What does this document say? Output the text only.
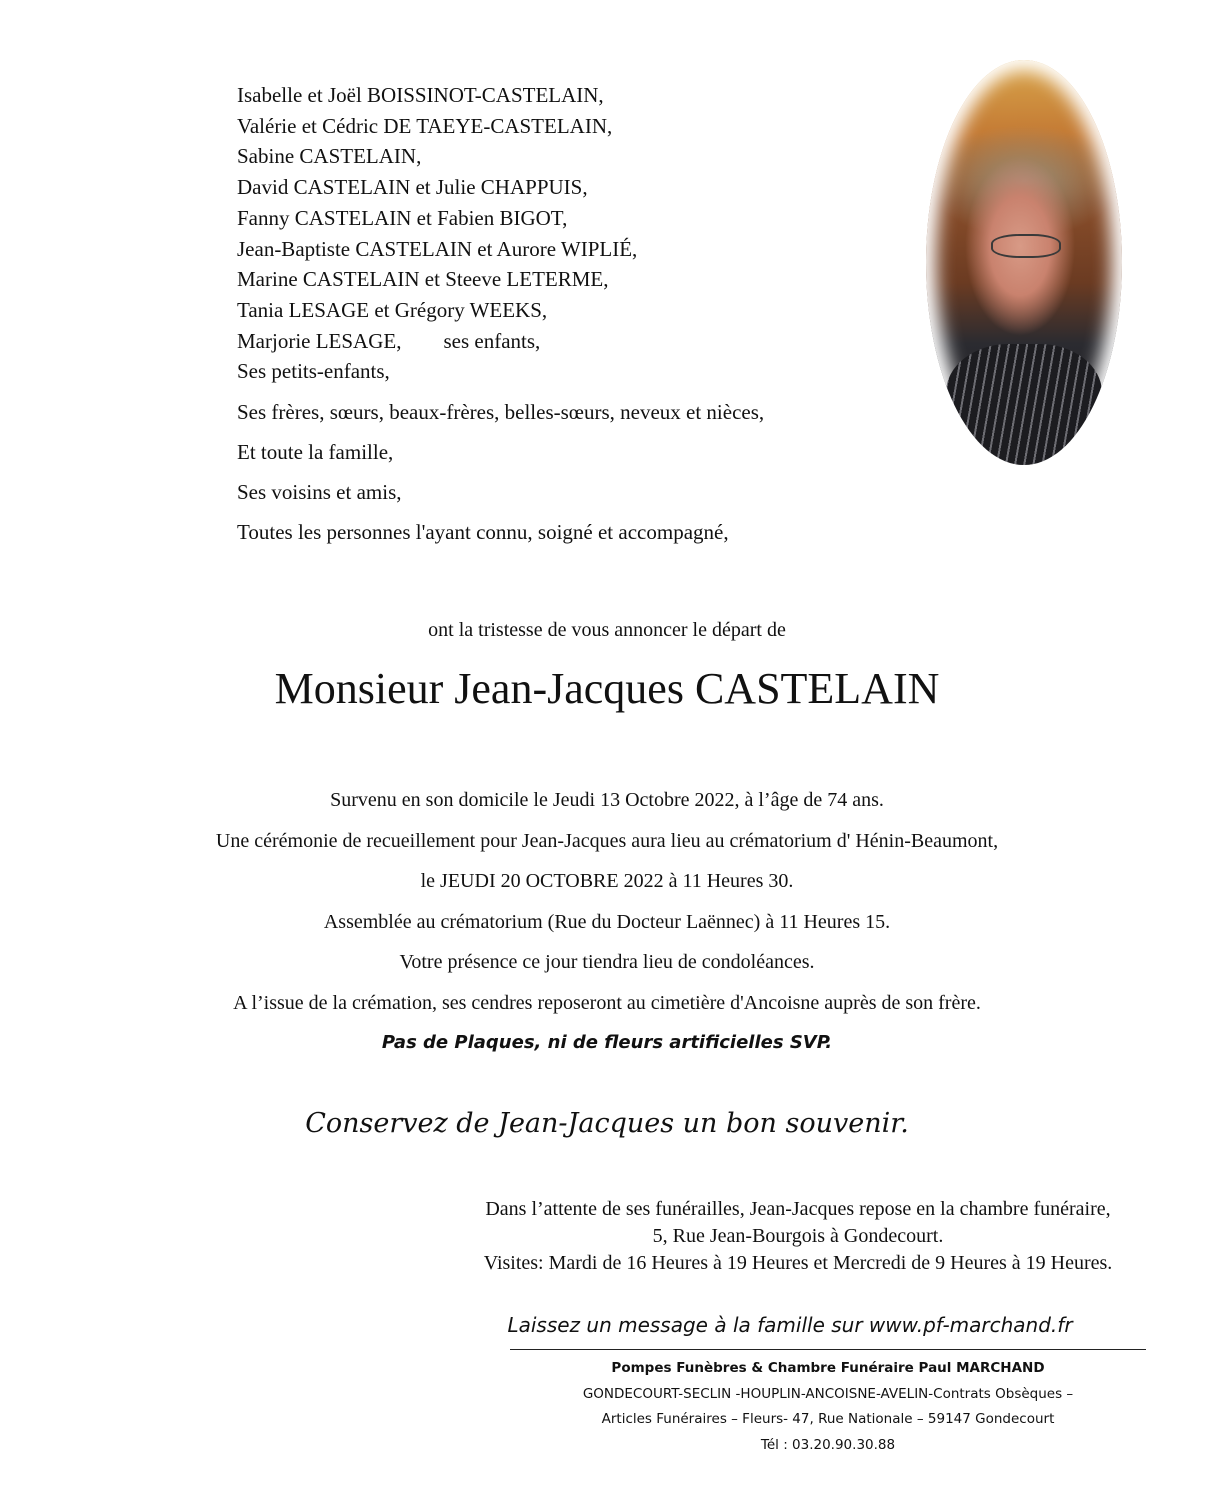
Isabelle et Joël BOISSINOT-CASTELAIN,
Valérie et Cédric DE TAEYE-CASTELAIN,
Sabine CASTELAIN,
David CASTELAIN et Julie CHAPPUIS,
Fanny CASTELAIN et Fabien BIGOT,
Jean-Baptiste CASTELAIN et Aurore WIPLIÉ,
Marine CASTELAIN et Steeve LETERME,
Tania LESAGE et Grégory WEEKS,
Marjorie LESAGE, ses enfants,
Ses petits-enfants,
Ses frères, sœurs, beaux-frères, belles-sœurs, neveux et nièces,
Et toute la famille,
Ses voisins et amis,
Toutes les personnes l'ayant connu, soigné et accompagné,
ont la tristesse de vous annoncer le départ de
Monsieur Jean-Jacques CASTELAIN
Survenu en son domicile le Jeudi 13 Octobre 2022, à l’âge de 74 ans.
Une cérémonie de recueillement pour Jean-Jacques aura lieu au crématorium d' Hénin-Beaumont,
le JEUDI 20 OCTOBRE 2022 à 11 Heures 30.
Assemblée au crématorium (Rue du Docteur Laënnec) à 11 Heures 15.
Votre présence ce jour tiendra lieu de condoléances.
A l’issue de la crémation, ses cendres reposeront au cimetière d'Ancoisne auprès de son frère.
Pas de Plaques, ni de fleurs artificielles SVP.
Conservez de Jean-Jacques un bon souvenir.
Dans l’attente de ses funérailles, Jean-Jacques repose en la chambre funéraire,
5, Rue Jean-Bourgois à Gondecourt.
Visites: Mardi de 16 Heures à 19 Heures et Mercredi de 9 Heures à 19 Heures.
Laissez un message à la famille sur www.pf-marchand.fr
Pompes Funèbres & Chambre Funéraire Paul MARCHAND
GONDECOURT-SECLIN -HOUPLIN-ANCOISNE-AVELIN-Contrats Obsèques –
Articles Funéraires – Fleurs- 47, Rue Nationale – 59147 Gondecourt
Tél : 03.20.90.30.88
